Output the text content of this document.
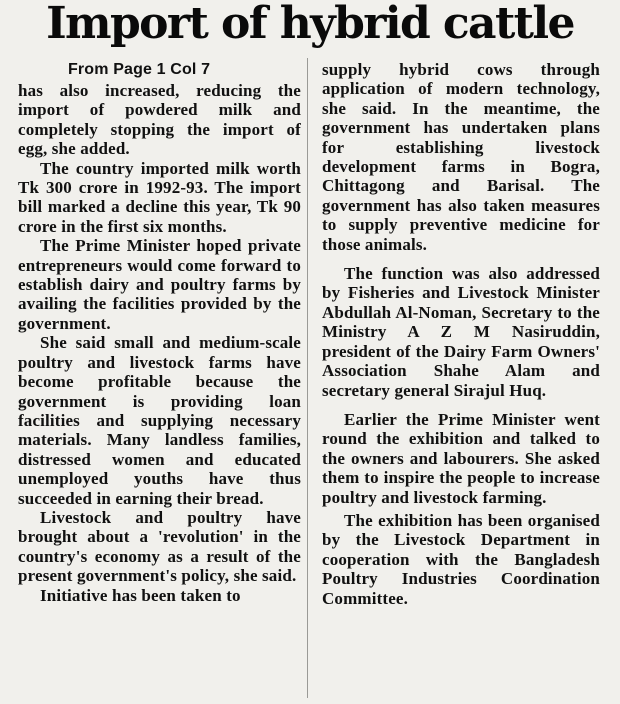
Import of hybrid cattle
From Page 1 Col 7

has also increased, reducing the import of powdered milk and completely stopping the import of egg, she added.

The country imported milk worth Tk 300 crore in 1992-93. The import bill marked a decline this year, Tk 90 crore in the first six months.

The Prime Minister hoped private entrepreneurs would come forward to establish dairy and poultry farms by availing the facilities provided by the government.

She said small and medium-scale poultry and livestock farms have become profitable because the government is providing loan facilities and supplying necessary materials. Many landless families, distressed women and educated unemployed youths have thus succeeded in earning their bread.

Livestock and poultry have brought about a 'revolution' in the country's economy as a result of the present government's policy, she said.

Initiative has been taken to

supply hybrid cows through application of modern technology, she said. In the meantime, the government has undertaken plans for establishing livestock development farms in Bogra, Chittagong and Barisal. The government has also taken measures to supply preventive medicine for those animals.

The function was also addressed by Fisheries and Livestock Minister Abdullah Al-Noman, Secretary to the Ministry A Z M Nasiruddin, president of the Dairy Farm Owners' Association Shahe Alam and secretary general Sirajul Huq.

Earlier the Prime Minister went round the exhibition and talked to the owners and labourers. She asked them to inspire the people to increase poultry and livestock farming.

The exhibition has been organised by the Livestock Department in cooperation with the Bangladesh Poultry Industries Coordination Committee.
